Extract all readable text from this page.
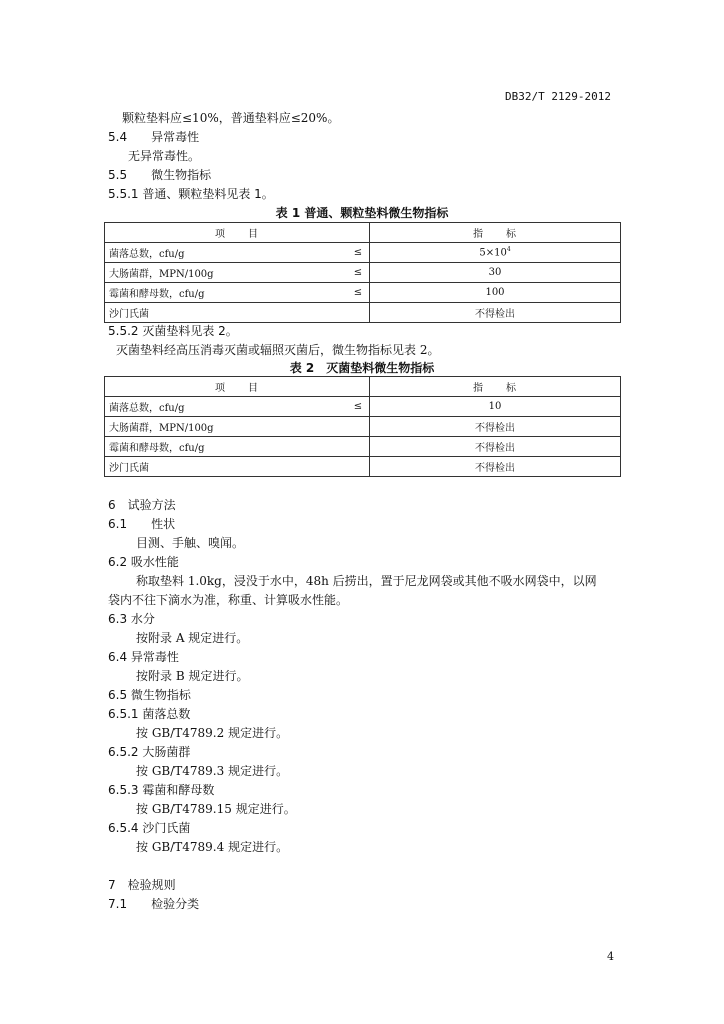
DB32/T 2129-2012
颗粒垫料应≤10%，普通垫料应≤20%。
5.4 异常毒性
无异常毒性。
5.5 微生物指标
5.5.1 普通、颗粒垫料见表 1。
表 1 普通、颗粒垫料微生物指标
项　　目		指　　标
菌落总数，cfu/g	≤	$5\times 10^4$
大肠菌群，MPN/100g	≤	30
霉菌和酵母数，cfu/g	≤	100
沙门氏菌		不得检出
5.5.2 灭菌垫料见表 2。
灭菌垫料经高压消毒灭菌或辐照灭菌后，微生物指标见表 2。
表 2　灭菌垫料微生物指标
项　　目		指　　标
菌落总数，cfu/g	≤	10
大肠菌群，MPN/100g		不得检出
霉菌和酵母数，cfu/g		不得检出
沙门氏菌		不得检出
6　试验方法
6.1 性状
目测、手触、嗅闻。
6.2 吸水性能
称取垫料 1.0kg，浸没于水中，48h 后捞出，置于尼龙网袋或其他不吸水网袋中，以网
袋内不往下滴水为准，称重、计算吸水性能。
6.3 水分
按附录 A 规定进行。
6.4 异常毒性
按附录 B 规定进行。
6.5 微生物指标
6.5.1 菌落总数
按 GB/T4789.2 规定进行。
6.5.2 大肠菌群
按 GB/T4789.3 规定进行。
6.5.3 霉菌和酵母数
按 GB/T4789.15 规定进行。
6.5.4 沙门氏菌
按 GB/T4789.4 规定进行。
7　检验规则
7.1 检验分类
4
